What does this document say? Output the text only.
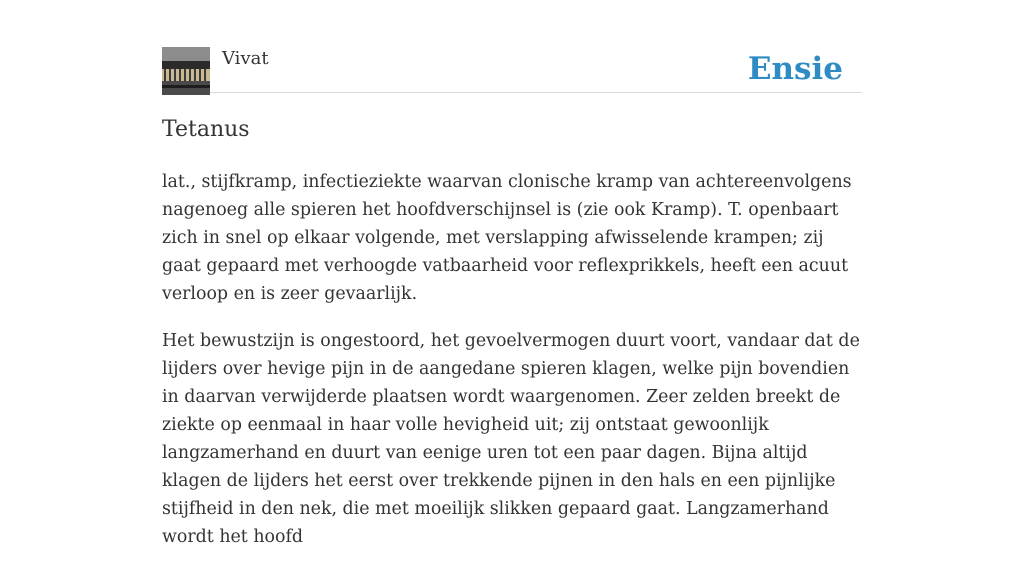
Vivat	Ensie
Tetanus

lat., stijfkramp, infectieziekte waarvan clonische kramp van achtereenvolgens nagenoeg alle spieren het hoofdverschijnsel is (zie ook Kramp). T. openbaart zich in snel op elkaar volgende, met verslapping afwisselende krampen; zij gaat gepaard met verhoogde vatbaarheid voor reflexprikkels, heeft een acuut verloop en is zeer gevaarlijk.

Het bewustzijn is ongestoord, het gevoelvermogen duurt voort, vandaar dat de lijders over hevige pijn in de aangedane spieren klagen, welke pijn bovendien in daarvan verwijderde plaatsen wordt waargenomen. Zeer zelden breekt de ziekte op eenmaal in haar volle hevigheid uit; zij ontstaat gewoonlijk langzamerhand en duurt van eenige uren tot een paar dagen. Bijna altijd klagen de lijders het eerst over trekkende pijnen in den hals en een pijnlijke stijfheid in den nek, die met moeilijk slikken gepaard gaat. Langzamerhand wordt het hoofd
